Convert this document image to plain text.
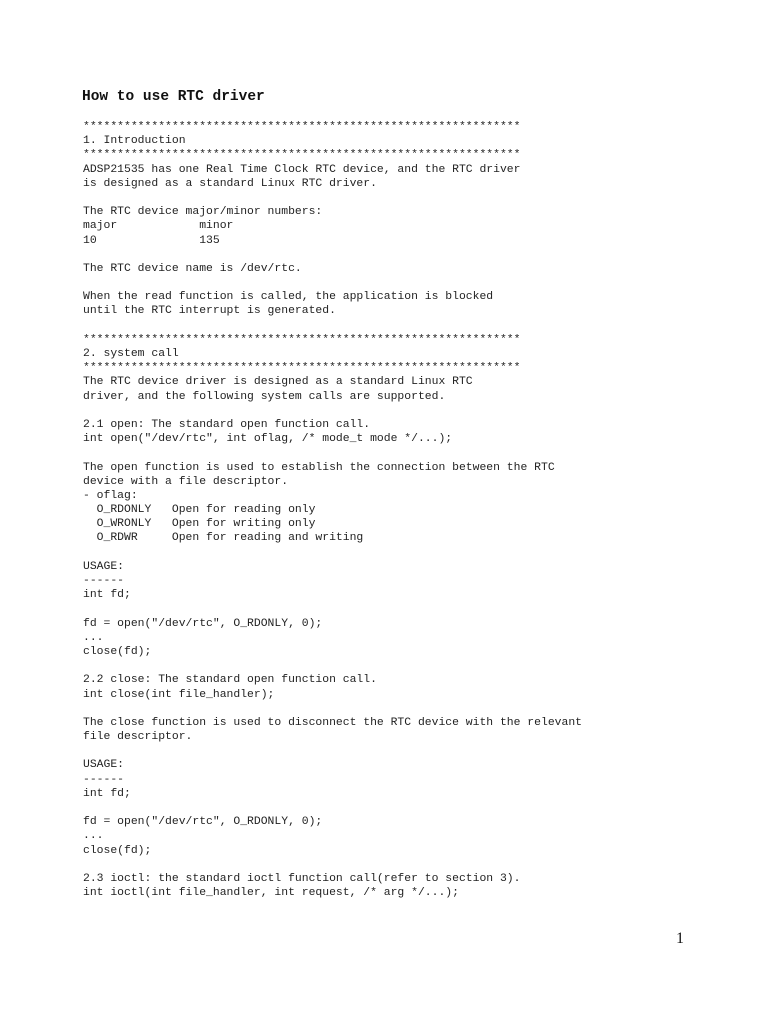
How to use RTC driver
****************************************************************
1. Introduction
****************************************************************
ADSP21535 has one Real Time Clock RTC device, and the RTC driver
is designed as a standard Linux RTC driver.
The RTC device major/minor numbers:
major            minor
10               135
The RTC device name is /dev/rtc.
When the read function is called, the application is blocked
until the RTC interrupt is generated.
****************************************************************
2. system call
****************************************************************
The RTC device driver is designed as a standard Linux RTC
driver, and the following system calls are supported.
2.1 open: The standard open function call.
int open("/dev/rtc", int oflag, /* mode_t mode */...);
The open function is used to establish the connection between the RTC
device with a file descriptor.
- oflag:
O_RDONLY   Open for reading only
O_WRONLY   Open for writing only
O_RDWR     Open for reading and writing
USAGE:
------
int fd;
fd = open("/dev/rtc", O_RDONLY, 0);
...
close(fd);
2.2 close: The standard open function call.
int close(int file_handler);
The close function is used to disconnect the RTC device with the relevant
file descriptor.
USAGE:
------
int fd;
fd = open("/dev/rtc", O_RDONLY, 0);
...
close(fd);
2.3 ioctl: the standard ioctl function call(refer to section 3).
int ioctl(int file_handler, int request, /* arg */...);
1
